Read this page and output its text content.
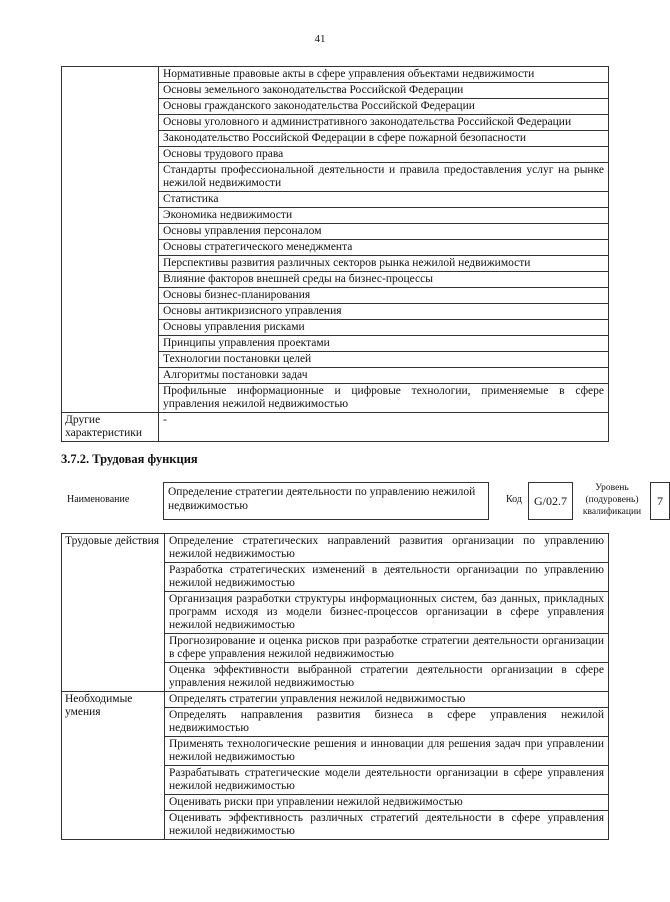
41
	Нормативные правовые акты в сфере управления объектами недвижимости
	Основы земельного законодательства Российской Федерации
	Основы гражданского законодательства Российской Федерации
	Основы уголовного и административного законодательства Российской Федерации
	Законодательство Российской Федерации в сфере пожарной безопасности
	Основы трудового права
	Стандарты профессиональной деятельности и правила предоставления услуг на рынке нежилой недвижимости
	Статистика
	Экономика недвижимости
	Основы управления персоналом
	Основы стратегического менеджмента
	Перспективы развития различных секторов рынка нежилой недвижимости
	Влияние факторов внешней среды на бизнес-процессы
	Основы бизнес-планирования
	Основы антикризисного управления
	Основы управления рисками
	Принципы управления проектами
	Технологии постановки целей
	Алгоритмы постановки задач
	Профильные информационные и цифровые технологии, применяемые в сфере управления нежилой недвижимостью
Другие характеристики	-
3.7.2. Трудовая функция
Наименование
Определение стратегии деятельности по управлению нежилой недвижимостью
Код	G/02.7
Уровень (подуровень) квалификации
7
Трудовые действия	Определение стратегических направлений развития организации по управлению нежилой недвижимостью
	Разработка стратегических изменений в деятельности организации по управлению нежилой недвижимостью
	Организация разработки структуры информационных систем, баз данных, прикладных программ исходя из модели бизнес-процессов организации в сфере управления нежилой недвижимостью
	Прогнозирование и оценка рисков при разработке стратегии деятельности организации в сфере управления нежилой недвижимостью
	Оценка эффективности выбранной стратегии деятельности организации в сфере управления нежилой недвижимостью
Необходимые умения	Определять стратегии управления нежилой недвижимостью
	Определять направления развития бизнеса в сфере управления нежилой недвижимостью
	Применять технологические решения и инновации для решения задач при управлении нежилой недвижимостью
	Разрабатывать стратегические модели деятельности организации в сфере управления нежилой недвижимостью
	Оценивать риски при управлении нежилой недвижимостью
	Оценивать эффективность различных стратегий деятельности в сфере управления нежилой недвижимостью
